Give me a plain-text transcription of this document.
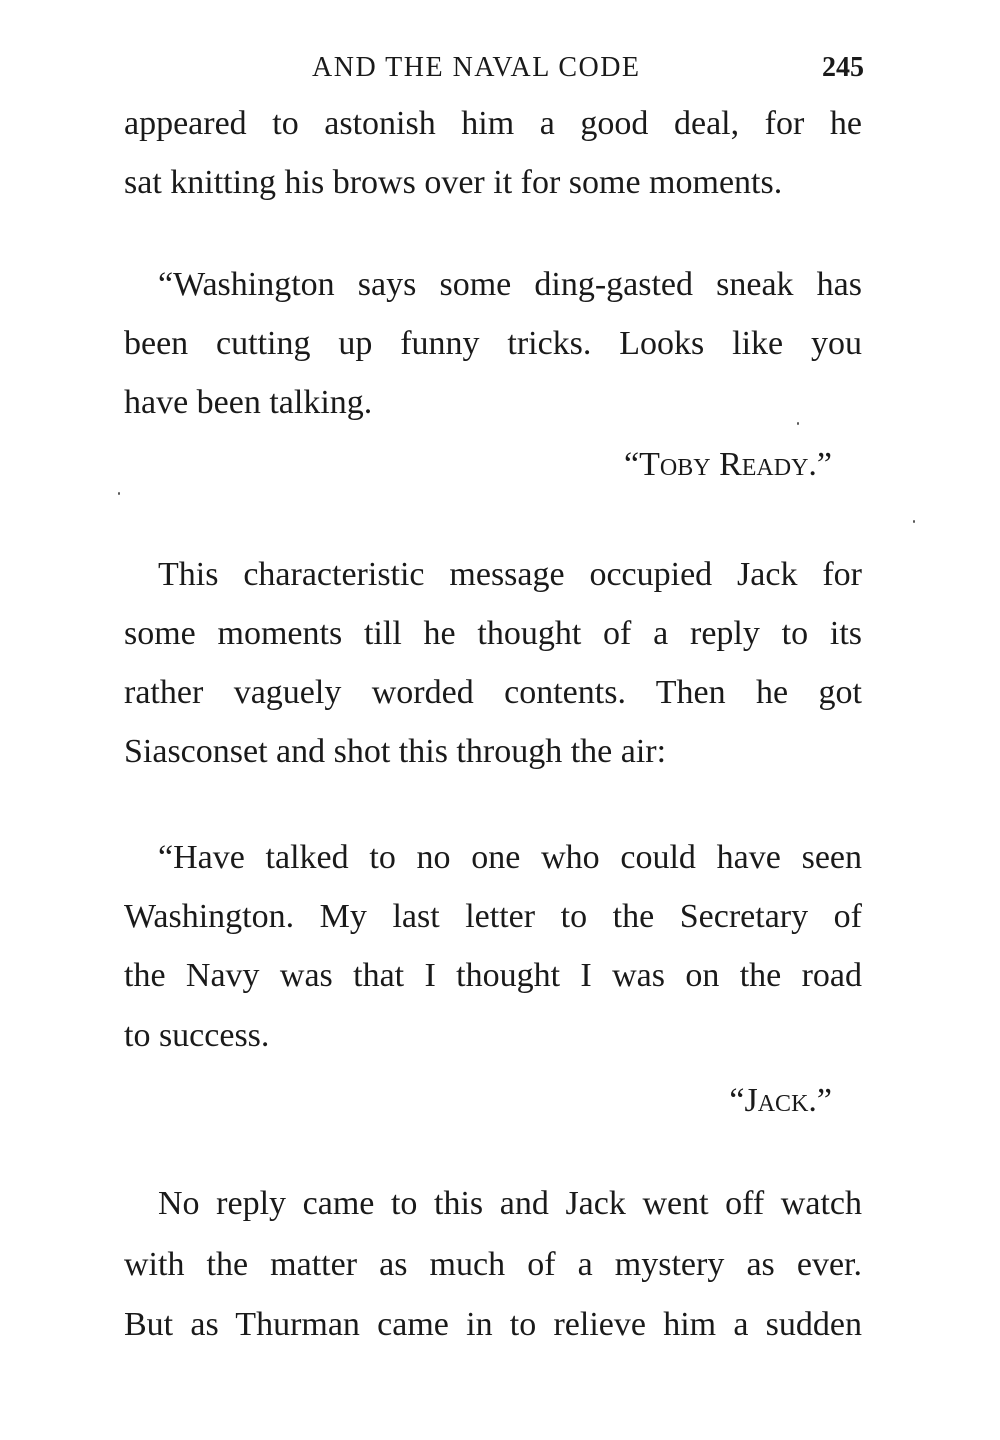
AND THE NAVAL CODE	245
appeared to astonish him a good deal, for he
sat knitting his brows over it for some moments.
“Washington says some ding-gasted sneak has
been cutting up funny tricks. Looks like you
have been talking.
“Toby Ready.”
This characteristic message occupied Jack for
some moments till he thought of a reply to its
rather vaguely worded contents. Then he got
Siasconset and shot this through the air:
“Have talked to no one who could have seen
Washington. My last letter to the Secretary of
the Navy was that I thought I was on the road
to success.
“Jack.”
No reply came to this and Jack went off watch
with the matter as much of a mystery as ever.
But as Thurman came in to relieve him a sudden
